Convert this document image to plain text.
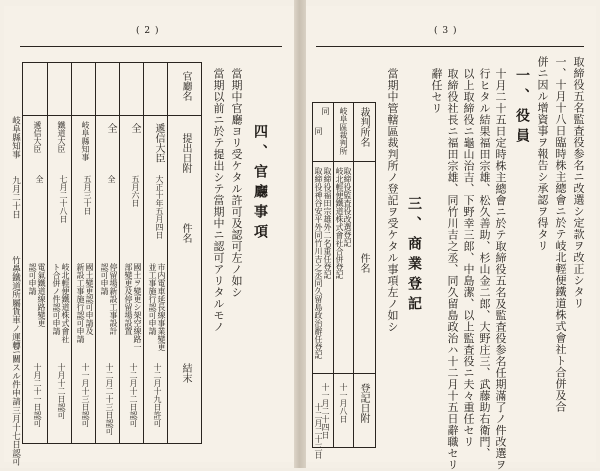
( 2 )
四、官廳事項
當期中官廳ヨリ受ケタル許可及認可左ノ如シ
當期以前ニ於テ提出シテ當期中ニ認可アリタルモノ
官廳名
提出日附
件名
結末
遞信大臣
大正十年五月四日
市内電車延長線事業變更
並工事施行認可申請
十二月十九日許可
全
五月六日
國土ヲ變更シ架空線路一
部變更及停留場設置
十二月十二日認可
全
全
停留場新設工事設計
認可申請
十二月二十三日認可
岐阜縣知事
五月三十日
國土變更認可申請及
新設工事施行認可申請
十一月十三日認可
鐵道大臣
七月二十八日
岐北輕便鐵道株式會社
ト合併ノ件認可申請
十月十二日認可
遞信大臣
全
電氣鐵道線路變更
認可申請
十月二十一日認可
岐阜縣知事
九月二十日
竹鼻鐵道所屬貨車ノ運轉
ニ關スル件申請
三月十七日認可
( 3 )
取締役五名監査役参名ニ改選シ定款ヲ改正シタリ
一、十月十八日臨時株主總會ニ於テ岐北輕便鐵道株式會社ト合併及合
併ニ因ル增資事ヲ報告シ承認ヲ得タリ
一、役員
十月二十五日定時株主總會ニ於テ取締役五名及監査役参名任期滿了ノ件改選ヲ
行ヒタル結果福田宗雄、松久善助、杉山金二郎、大野庄三、武藤助右衛門、
以上取締役ニ龜山治吉、下野幸三郎、中島潔、以上監査役ニ夫々重任セリ
取締役社長ニ福田宗雄、同竹川吉之丞、同久留島政治ハ十二月十五日辭職セリ
辭任セリ
三、商業登記
當期中管轄區裁判所ノ登記ヲ受ケタル事項左ノ如シ
裁判所名
件名
登記日附
岐阜區裁判所
取締役監査役改選登記
岐北輕便鐵道株式會社合併登記
十一月八日
同
取締役福田宗雄外二名重任登記
十一月二十四日
同
取締役神谷安平外同竹川吉之丞同久留島政治辭任登記
十二月二十三日
